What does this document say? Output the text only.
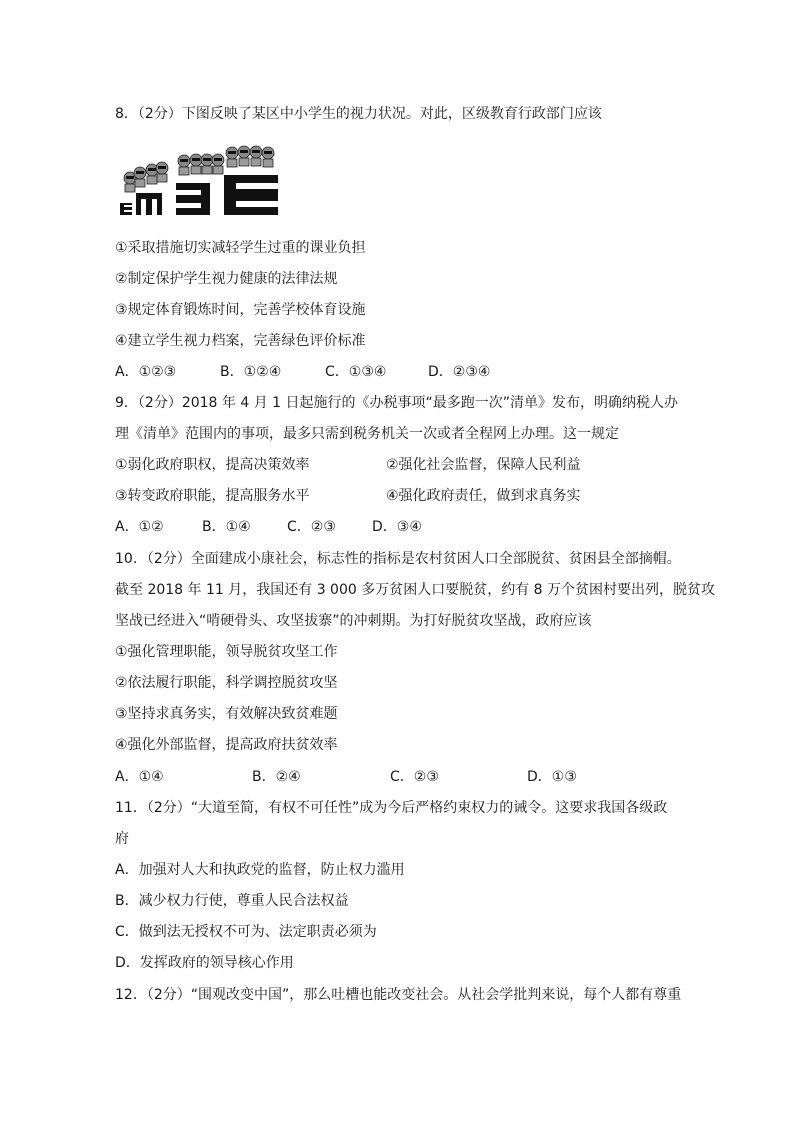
8．（2分）下图反映了某区中小学生的视力状况。对此，区级教育行政部门应该
①采取措施切实减轻学生过重的课业负担
②制定保护学生视力健康的法律法规
③规定体育锻炼时间，完善学校体育设施
④建立学生视力档案，完善绿色评价标准
A．①②③	B．①②④	C．①③④	D．②③④
9．（2分）2018 年 4 月 1 日起施行的《办税事项“最多跑一次”清单》发布，明确纳税人办
理《清单》范围内的事项，最多只需到税务机关一次或者全程网上办理。这一规定
①弱化政府职权，提高决策效率	②强化社会监督，保障人民利益
③转变政府职能，提高服务水平	④强化政府责任，做到求真务实
A．①②	B．①④	C．②③	D．③④
10．（2分）全面建成小康社会，标志性的指标是农村贫困人口全部脱贫、贫困县全部摘帽。
截至 2018 年 11 月，我国还有 3 000 多万贫困人口要脱贫，约有 8 万个贫困村要出列，脱贫攻
坚战已经进入“啃硬骨头、攻坚拔寨”的冲刺期。为打好脱贫攻坚战，政府应该
①强化管理职能，领导脱贫攻坚工作
②依法履行职能，科学调控脱贫攻坚
③坚持求真务实，有效解决致贫难题
④强化外部监督，提高政府扶贫效率
A．①④	B．②④	C．②③	D．①③
11．（2分）“大道至简，有权不可任性”成为今后严格约束权力的诫令。这要求我国各级政
府
A．加强对人大和执政党的监督，防止权力滥用
B．减少权力行使，尊重人民合法权益
C．做到法无授权不可为、法定职责必须为
D．发挥政府的领导核心作用
12．（2分）“围观改变中国”，那么吐槽也能改变社会。从社会学批判来说，每个人都有尊重
